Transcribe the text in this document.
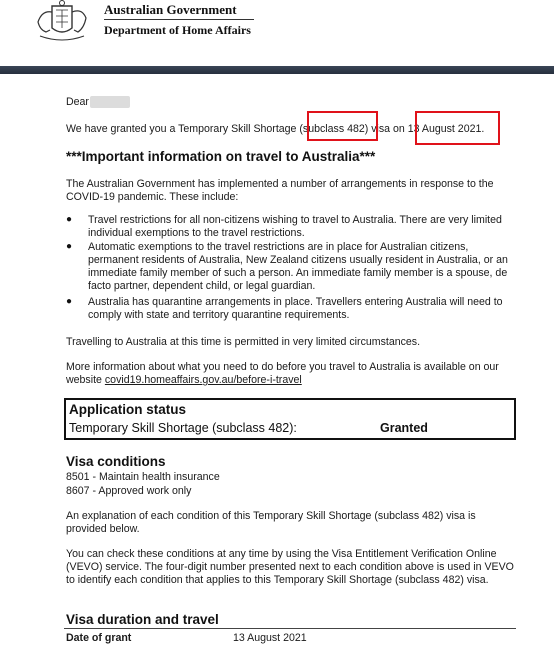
Australian Government
Department of Home Affairs
Dear
We have granted you a Temporary Skill Shortage (subclass 482) visa on 13 August 2021.
***Important information on travel to Australia***
The Australian Government has implemented a number of arrangements in response to the COVID-19 pandemic. These include:
● Travel restrictions for all non-citizens wishing to travel to Australia. There are very limited individual exemptions to the travel restrictions.
● Automatic exemptions to the travel restrictions are in place for Australian citizens, permanent residents of Australia, New Zealand citizens usually resident in Australia, or an immediate family member of such a person. An immediate family member is a spouse, de facto partner, dependent child, or legal guardian.
● Australia has quarantine arrangements in place. Travellers entering Australia will need to comply with state and territory quarantine requirements.
Travelling to Australia at this time is permitted in very limited circumstances.
More information about what you need to do before you travel to Australia is available on our website covid19.homeaffairs.gov.au/before-i-travel
Application status
Temporary Skill Shortage (subclass 482):	Granted
Visa conditions
8501 - Maintain health insurance
8607 - Approved work only
An explanation of each condition of this Temporary Skill Shortage (subclass 482) visa is provided below.
You can check these conditions at any time by using the Visa Entitlement Verification Online (VEVO) service. The four-digit number presented next to each condition above is used in VEVO to identify each condition that applies to this Temporary Skill Shortage (subclass 482) visa.
Visa duration and travel
Date of grant	13 August 2021
